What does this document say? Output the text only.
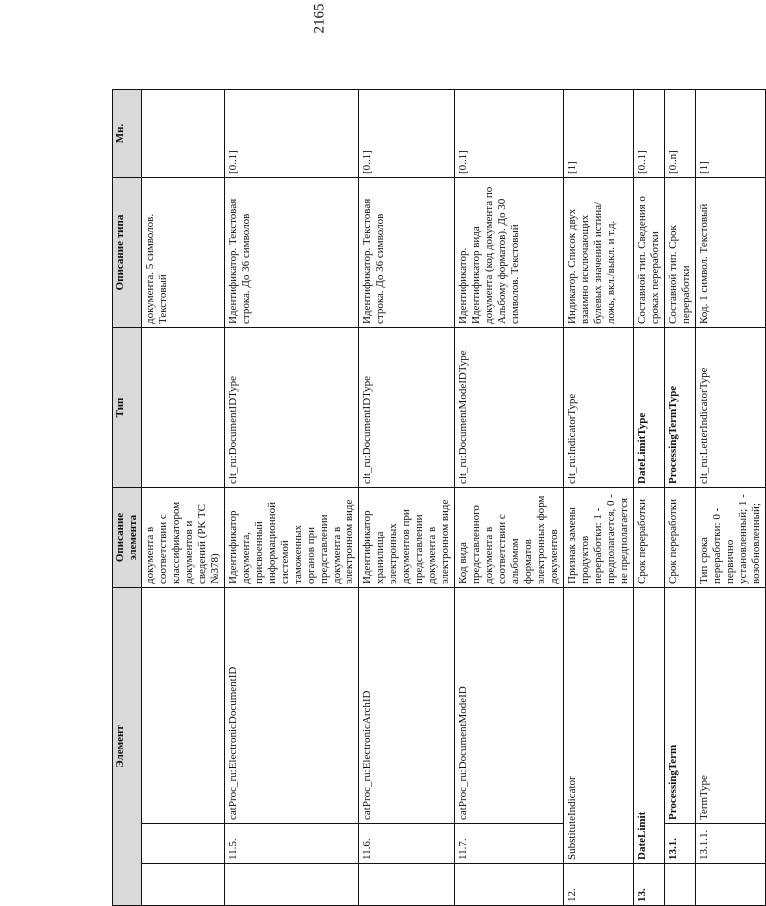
2165
Элемент			Описание элемента	Тип	Описание типа	Мн.
			документа в соответствии с классификатором документов и сведений (PK TC №378)		документа. 5 символов. Текстовый	
	11.5.	catProc_ru:ElectronicDocumentID	Идентификатор документа, присвоенный информационной системой таможенных органов при представлении документа в электронном виде	clt_ru:DocumentIDType	Идентификатор. Текстовая строка. До 36 символов	[0..1]
	11.6.	catProc_ru:ElectronicArchID	Идентификатор хранилища электронных документов при представлении документа в электронном виде	clt_ru:DocumentIDType	Идентификатор. Текстовая строка. До 36 символов	[0..1]
	11.7.	catProc_ru:DocumentModeID	Код вида представленного документа в соответствии с альбомом форматов электронных форм документов	clt_ru:DocumentModeIDType	Идентификатор. Идентификатор вида документа (код документа по Альбому форматов). До 30 символов. Текстовый	[0..1]
12.	SubstituteIndicator		Признак замены продуктов переработки: 1 - предполагается, 0 - не предполагается	clt_ru:IndicatorType	Индикатор. Список двух взаимно исключающих булевых значений истина/ложь, вкл./выкл. и т.д.	[1]
13.	DateLimit		Срок переработки	DateLimitType	Составной тип. Сведения о сроках переработки	[0..1]
	13.1.	ProcessingTerm	Срок переработки	ProcessingTermType	Составной тип. Срок переработки	[0..n]
	13.1.1.	TermType	Тип срока переработки: 0 - первично установленный; 1 - возобновленный;	clt_ru:LetterIndicatorType	Код. 1 символ. Текстовый	[1]
